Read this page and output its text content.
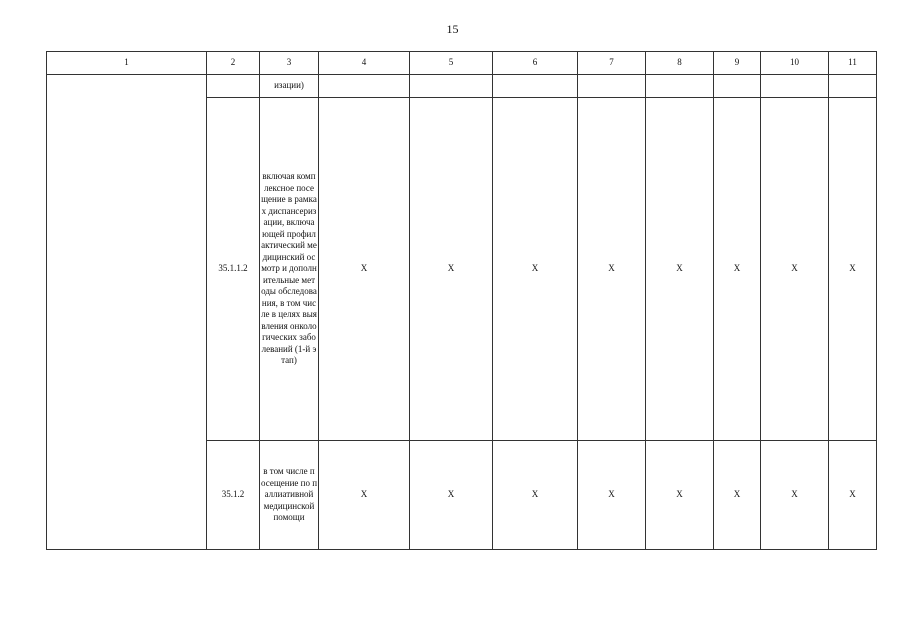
15
1	2	3	4	5	6	7	8	9	10	11
		изации)								
	35.1.1.2	включая комплексное посещение в рамках диспансеризации, включающей профилактический медицинский осмотр и дополнительные методы обследования, в том числе в целях выявления онкологических заболеваний (1-й этап)	X	X	X	X	X	X	X	X
	35.1.2	в том числе посещение по паллиативной медицинской помощи	X	X	X	X	X	X	X	X
